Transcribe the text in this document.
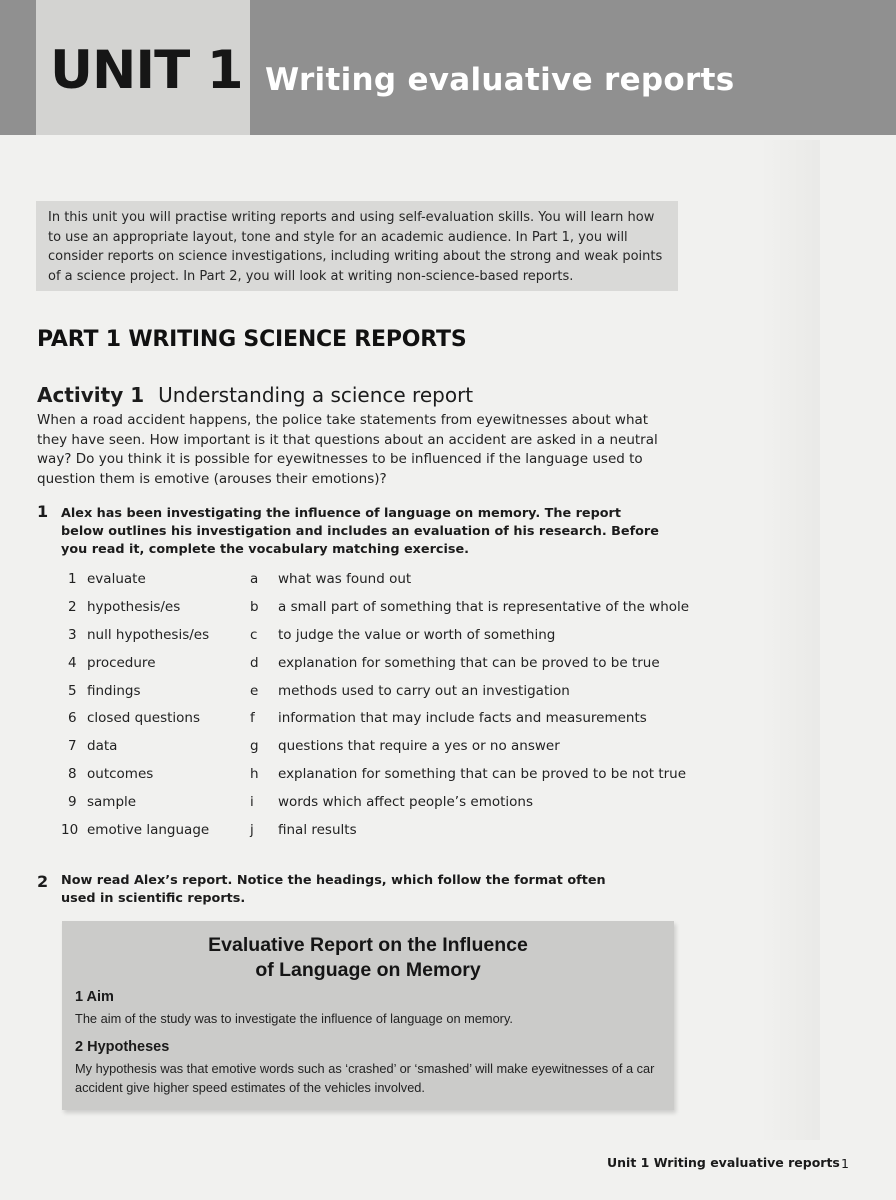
UNIT 1 Writing evaluative reports
In this unit you will practise writing reports and using self-evaluation skills. You will learn how to use an appropriate layout, tone and style for an academic audience. In Part 1, you will consider reports on science investigations, including writing about the strong and weak points of a science project. In Part 2, you will look at writing non-science-based reports.
PART 1 WRITING SCIENCE REPORTS
Activity 1 Understanding a science report
When a road accident happens, the police take statements from eyewitnesses about what they have seen. How important is it that questions about an accident are asked in a neutral way? Do you think it is possible for eyewitnesses to be influenced if the language used to question them is emotive (arouses their emotions)?
1 Alex has been investigating the influence of language on memory. The report below outlines his investigation and includes an evaluation of his research. Before you read it, complete the vocabulary matching exercise.
1 evaluate	a what was found out
2 hypothesis/es	b a small part of something that is representative of the whole
3 null hypothesis/es	c to judge the value or worth of something
4 procedure	d explanation for something that can be proved to be true
5 findings	e methods used to carry out an investigation
6 closed questions	f information that may include facts and measurements
7 data	g questions that require a yes or no answer
8 outcomes	h explanation for something that can be proved to be not true
9 sample	i words which affect people’s emotions
10 emotive language	j final results
2 Now read Alex’s report. Notice the headings, which follow the format often used in scientific reports.
Evaluative Report on the Influence
of Language on Memory
1 Aim
The aim of the study was to investigate the influence of language on memory.
2 Hypotheses
My hypothesis was that emotive words such as ‘crashed’ or ‘smashed’ will make eyewitnesses of a car accident give higher speed estimates of the vehicles involved.
Unit 1 Writing evaluative reports 1
